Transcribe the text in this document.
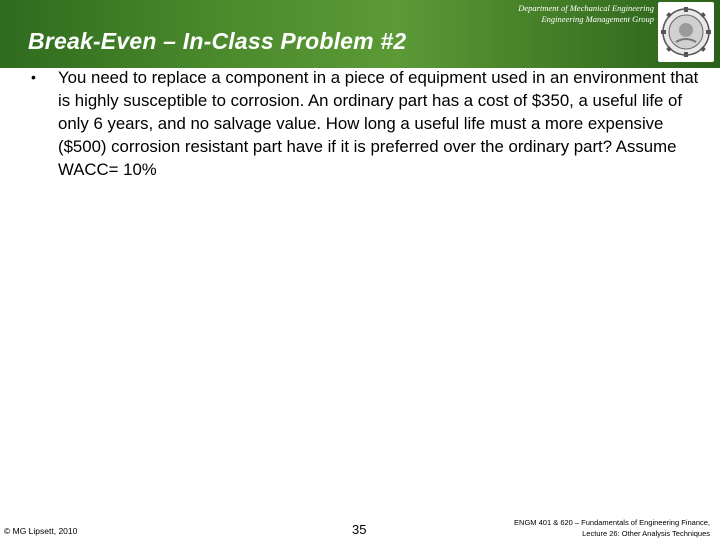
Department of Mechanical Engineering
Engineering Management Group
Break-Even – In-Class Problem #2
•	You need to replace a component in a piece of equipment used in an environment that is highly susceptible to corrosion. An ordinary part has a cost of $350, a useful life of only 6 years, and no salvage value. How long a useful life must a more expensive ($500) corrosion resistant part have if it is preferred over the ordinary part? Assume WACC= 10%
© MG Lipsett, 2010	35	ENGM 401 & 620 – Fundamentals of Engineering Finance,
Lecture 26: Other Analysis Techniques
